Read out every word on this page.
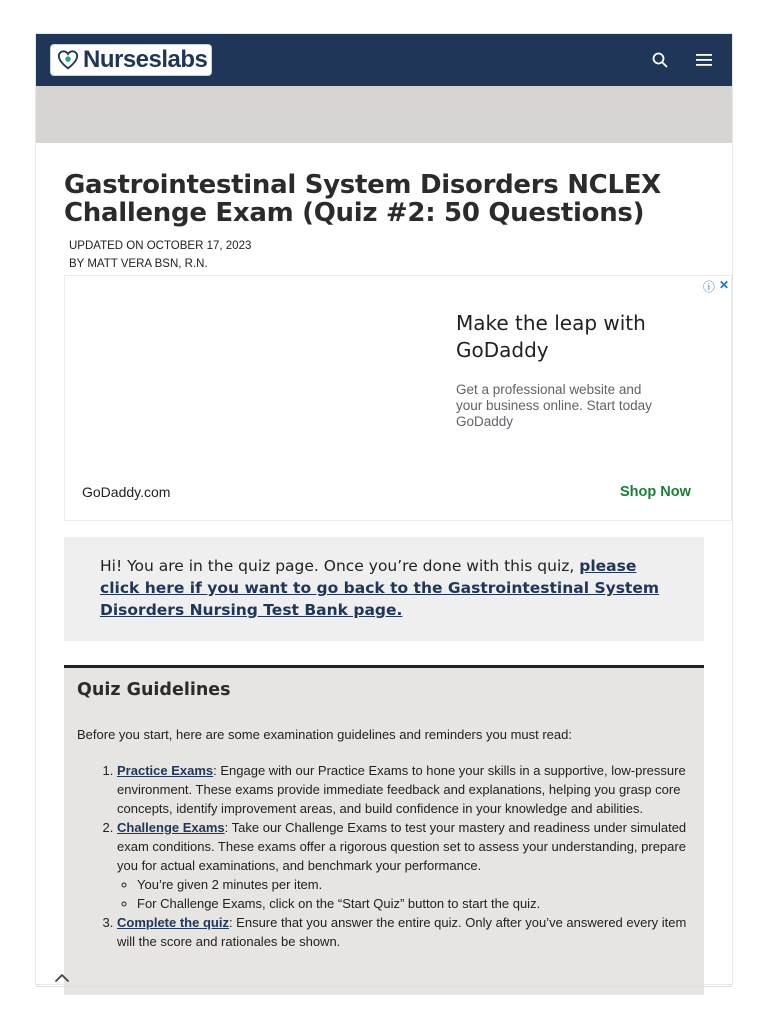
Nurseslabs
Gastrointestinal System Disorders NCLEX Challenge Exam (Quiz #2: 50 Questions)
UPDATED ON OCTOBER 17, 2023
BY MATT VERA BSN, R.N.
ⓘ ✕
Make the leap with GoDaddy
Get a professional website and
your business online. Start today
GoDaddy
GoDaddy.com	Shop Now
Hi! You are in the quiz page. Once you’re done with this quiz, please click here if you want to go back to the Gastrointestinal System Disorders Nursing Test Bank page.
Quiz Guidelines

Before you start, here are some examination guidelines and reminders you must read:

1. Practice Exams: Engage with our Practice Exams to hone your skills in a supportive, low-pressure environment. These exams provide immediate feedback and explanations, helping you grasp core concepts, identify improvement areas, and build confidence in your knowledge and abilities.
2. Challenge Exams: Take our Challenge Exams to test your mastery and readiness under simulated exam conditions. These exams offer a rigorous question set to assess your understanding, prepare you for actual examinations, and benchmark your performance.
◦ You’re given 2 minutes per item.
◦ For Challenge Exams, click on the “Start Quiz” button to start the quiz.
3. Complete the quiz: Ensure that you answer the entire quiz. Only after you’ve answered every item will the score and rationales be shown.
